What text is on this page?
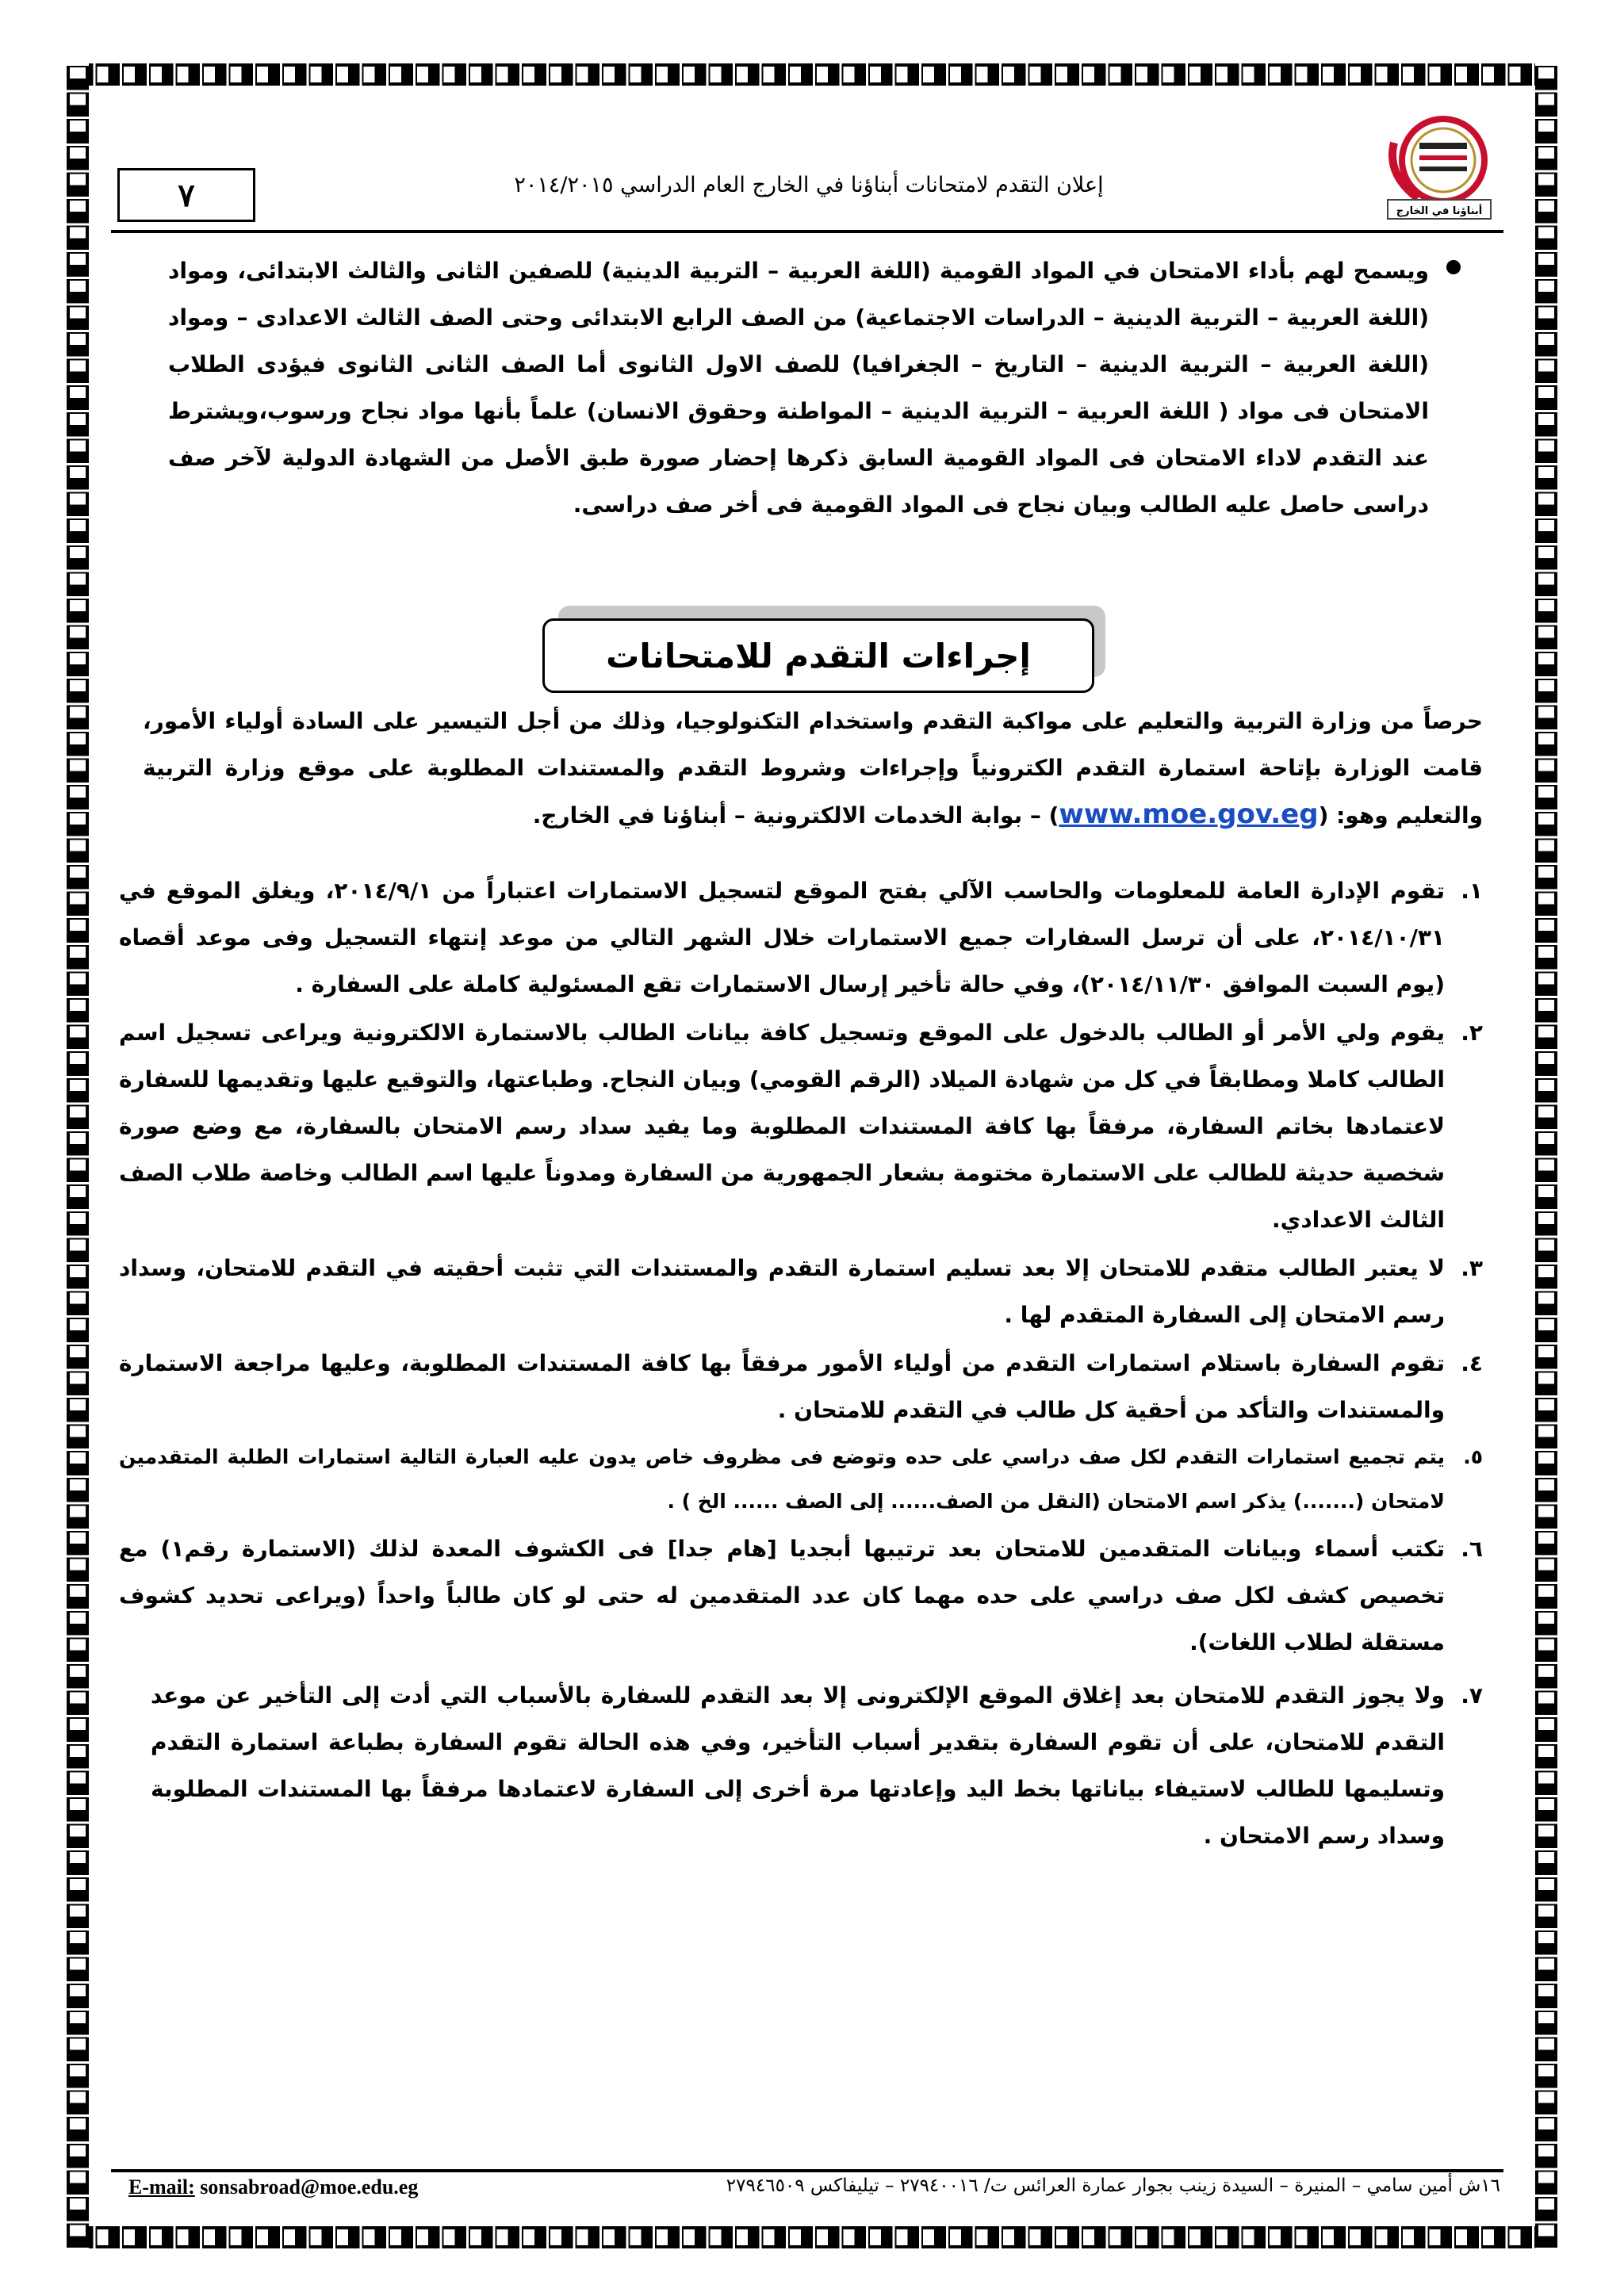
أبناؤنا في الخارج
٧	إعلان التقدم لامتحانات أبناؤنا في الخارج العام الدراسي ٢٠١٤/٢٠١٥
ويسمح لهم بأداء الامتحان في المواد القومية (اللغة العربية – التربية الدينية) للصفين الثانى والثالث الابتدائى، ومواد (اللغة العربية – التربية الدينية – الدراسات الاجتماعية) من الصف الرابع الابتدائى وحتى الصف الثالث الاعدادى – ومواد (اللغة العربية – التربية الدينية – التاريخ – الجغرافيا) للصف الاول الثانوى أما الصف الثانى الثانوى فيؤدى الطلاب الامتحان فى مواد ( اللغة العربية – التربية الدينية – المواطنة وحقوق الانسان) علماً بأنها مواد نجاح ورسوب،ويشترط عند التقدم لاداء الامتحان فى المواد القومية السابق ذكرها إحضار صورة طبق الأصل من الشهادة الدولية لآخر صف دراسى حاصل عليه الطالب وبيان نجاح فى المواد القومية فى أخر صف دراسى.
إجراءات التقدم للامتحانات
حرصاً من وزارة التربية والتعليم على مواكبة التقدم واستخدام التكنولوجيا، وذلك من أجل التيسير على السادة أولياء الأمور، قامت الوزارة بإتاحة استمارة التقدم الكترونياً وإجراءات وشروط التقدم والمستندات المطلوبة على موقع وزارة التربية والتعليم وهو: (www.moe.gov.eg) – بوابة الخدمات الالكترونية – أبناؤنا في الخارج.
١.
تقوم الإدارة العامة للمعلومات والحاسب الآلي بفتح الموقع لتسجيل الاستمارات اعتباراً من ٢٠١٤/٩/١، ويغلق الموقع في ٢٠١٤/١٠/٣١، على أن ترسل السفارات جميع الاستمارات خلال الشهر التالي من موعد إنتهاء التسجيل وفى موعد أقصاه (يوم السبت الموافق ٢٠١٤/١١/٣٠)، وفي حالة تأخير إرسال الاستمارات تقع المسئولية كاملة على السفارة .
٢.
يقوم ولي الأمر أو الطالب بالدخول على الموقع وتسجيل كافة بيانات الطالب بالاستمارة الالكترونية ويراعى تسجيل اسم الطالب كاملا ومطابقاً في كل من شهادة الميلاد (الرقم القومي) وبيان النجاح. وطباعتها، والتوقيع عليها وتقديمها للسفارة لاعتمادها بخاتم السفارة، مرفقاً بها كافة المستندات المطلوبة وما يفيد سداد رسم الامتحان بالسفارة، مع وضع صورة شخصية حديثة للطالب على الاستمارة مختومة بشعار الجمهورية من السفارة ومدوناً عليها اسم الطالب وخاصة طلاب الصف الثالث الاعدادي.
٣.
لا يعتبر الطالب متقدم للامتحان إلا بعد تسليم استمارة التقدم والمستندات التي تثبت أحقيته في التقدم للامتحان، وسداد رسم الامتحان إلى السفارة المتقدم لها .
٤.
تقوم السفارة باستلام استمارات التقدم من أولياء الأمور مرفقاً بها كافة المستندات المطلوبة، وعليها مراجعة الاستمارة والمستندات والتأكد من أحقية كل طالب في التقدم للامتحان .
٥.
يتم تجميع استمارات التقدم لكل صف دراسي على حده وتوضع فى مظروف خاص يدون عليه العبارة التالية استمارات الطلبة المتقدمين لامتحان (.......) يذكر اسم الامتحان (النقل من الصف...... إلى الصف ...... الخ ) .
٦.
تكتب أسماء وبيانات المتقدمين للامتحان بعد ترتيبها أبجديا [هام جدا] فى الكشوف المعدة لذلك (الاستمارة رقم١) مع تخصيص كشف لكل صف دراسي على حده مهما كان عدد المتقدمين له حتى لو كان طالباً واحداً (ويراعى تحديد كشوف مستقلة لطلاب اللغات).
٧.
ولا يجوز التقدم للامتحان بعد إغلاق الموقع الإلكترونى إلا بعد التقدم للسفارة بالأسباب التي أدت إلى التأخير عن موعد التقدم للامتحان، على أن تقوم السفارة بتقدير أسباب التأخير، وفي هذه الحالة تقوم السفارة بطباعة استمارة التقدم وتسليمها للطالب لاستيفاء بياناتها بخط اليد وإعادتها مرة أخرى إلى السفارة لاعتمادها مرفقاً بها المستندات المطلوبة وسداد رسم الامتحان .
١٦ش أمين سامي – المنيرة – السيدة زينب بجوار عمارة العرائس ت/ ٢٧٩٤٠٠١٦ – تيليفاكس ٢٧٩٤٦٥٠٩
E-mail: sonsabroad@moe.edu.eg
